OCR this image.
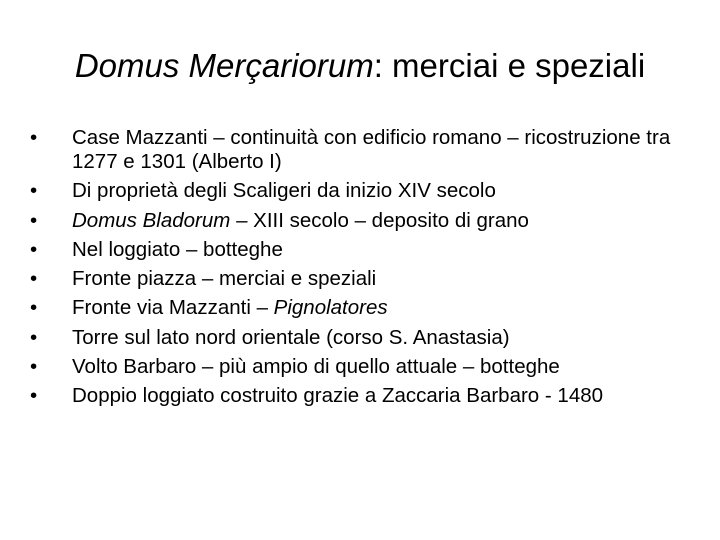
Domus Merçariorum: merciai e speziali
• Case Mazzanti – continuità con edificio romano – ricostruzione tra 1277 e 1301 (Alberto I)
• Di proprietà degli Scaligeri da inizio XIV secolo
• Domus Bladorum – XIII secolo – deposito di grano
• Nel loggiato – botteghe
• Fronte piazza – merciai e speziali
• Fronte via Mazzanti – Pignolatores
• Torre sul lato nord orientale (corso S. Anastasia)
• Volto Barbaro – più ampio di quello attuale – botteghe
• Doppio loggiato costruito grazie a Zaccaria Barbaro - 1480
